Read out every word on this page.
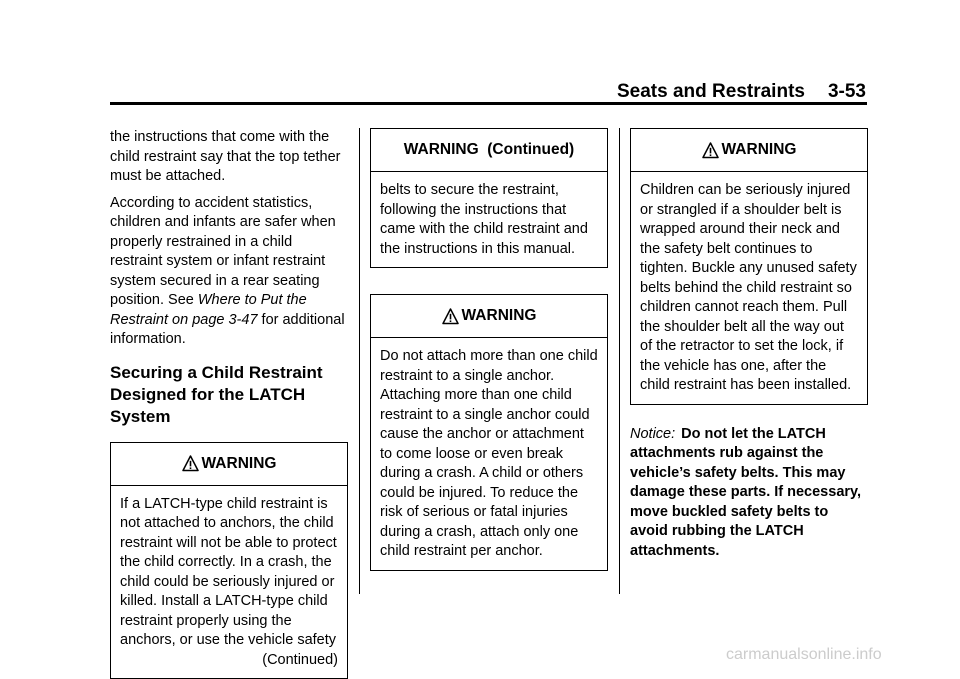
Seats and Restraints 3-53

the instructions that come with the child restraint say that the top tether must be attached.

According to accident statistics, children and infants are safer when properly restrained in a child restraint system or infant restraint system secured in a rear seating position. See Where to Put the Restraint on page 3-47 for additional information.

Securing a Child Restraint Designed for the LATCH System
WARNING
If a LATCH-type child restraint is not attached to anchors, the child restraint will not be able to protect the child correctly. In a crash, the child could be seriously injured or killed. Install a LATCH-type child restraint properly using the anchors, or use the vehicle safety
(Continued)
WARNING  (Continued)
belts to secure the restraint, following the instructions that came with the child restraint and the instructions in this manual.
WARNING
Do not attach more than one child restraint to a single anchor. Attaching more than one child restraint to a single anchor could cause the anchor or attachment to come loose or even break during a crash. A child or others could be injured. To reduce the risk of serious or fatal injuries during a crash, attach only one child restraint per anchor.
WARNING
Children can be seriously injured or strangled if a shoulder belt is wrapped around their neck and the safety belt continues to tighten. Buckle any unused safety belts behind the child restraint so children cannot reach them. Pull the shoulder belt all the way out of the retractor to set the lock, if the vehicle has one, after the child restraint has been installed.
Notice: Do not let the LATCH attachments rub against the vehicle’s safety belts. This may damage these parts. If necessary, move buckled safety belts to avoid rubbing the LATCH attachments.
carmanualsonline.info
